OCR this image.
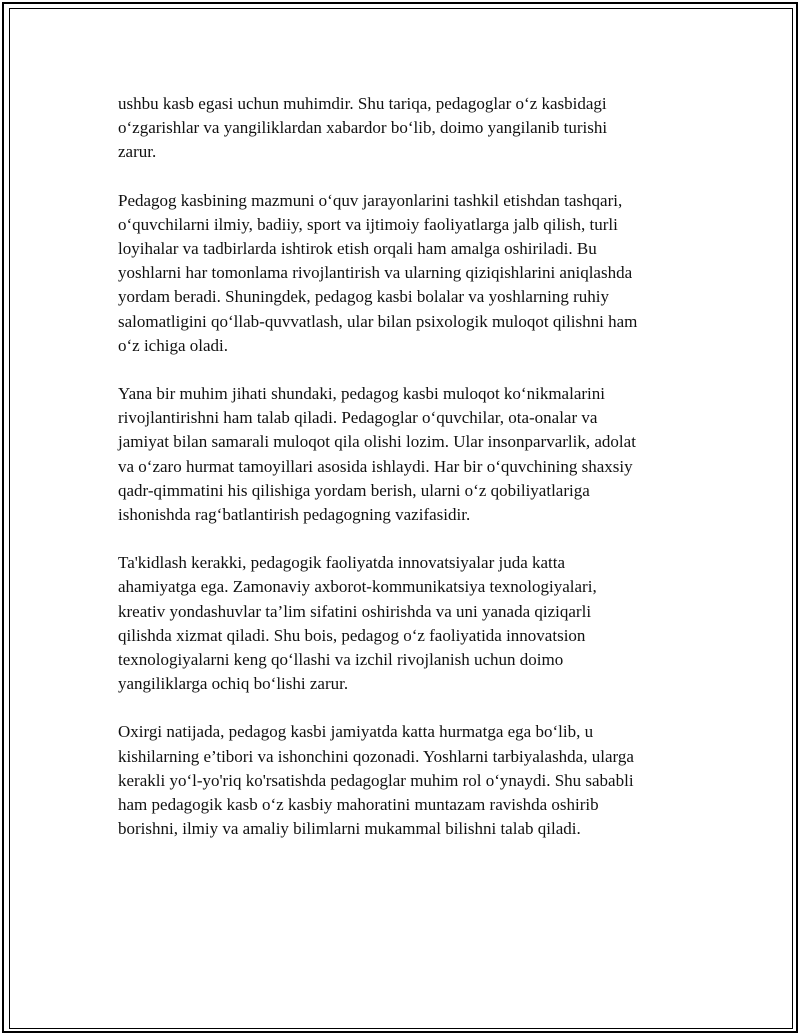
ushbu kasb egasi uchun muhimdir. Shu tariqa, pedagoglar o‘z kasbidagi
o‘zgarishlar va yangiliklardan xabardor bo‘lib, doimo yangilanib turishi
zarur.

Pedagog kasbining mazmuni o‘quv jarayonlarini tashkil etishdan tashqari,
o‘quvchilarni ilmiy, badiiy, sport va ijtimoiy faoliyatlarga jalb qilish, turli
loyihalar va tadbirlarda ishtirok etish orqali ham amalga oshiriladi. Bu
yoshlarni har tomonlama rivojlantirish va ularning qiziqishlarini aniqlashda
yordam beradi. Shuningdek, pedagog kasbi bolalar va yoshlarning ruhiy
salomatligini qo‘llab-quvvatlash, ular bilan psixologik muloqot qilishni ham
o‘z ichiga oladi.

Yana bir muhim jihati shundaki, pedagog kasbi muloqot ko‘nikmalarini
rivojlantirishni ham talab qiladi. Pedagoglar o‘quvchilar, ota-onalar va
jamiyat bilan samarali muloqot qila olishi lozim. Ular insonparvarlik, adolat
va o‘zaro hurmat tamoyillari asosida ishlaydi. Har bir o‘quvchining shaxsiy
qadr-qimmatini his qilishiga yordam berish, ularni o‘z qobiliyatlariga
ishonishda rag‘batlantirish pedagogning vazifasidir.

Ta'kidlash kerakki, pedagogik faoliyatda innovatsiyalar juda katta
ahamiyatga ega. Zamonaviy axborot-kommunikatsiya texnologiyalari,
kreativ yondashuvlar ta’lim sifatini oshirishda va uni yanada qiziqarli
qilishda xizmat qiladi. Shu bois, pedagog o‘z faoliyatida innovatsion
texnologiyalarni keng qo‘llashi va izchil rivojlanish uchun doimo
yangiliklarga ochiq bo‘lishi zarur.

Oxirgi natijada, pedagog kasbi jamiyatda katta hurmatga ega bo‘lib, u
kishilarning e’tibori va ishonchini qozonadi. Yoshlarni tarbiyalashda, ularga
kerakli yo‘l-yo'riq ko'rsatishda pedagoglar muhim rol o‘ynaydi. Shu sababli
ham pedagogik kasb o‘z kasbiy mahoratini muntazam ravishda oshirib
borishni, ilmiy va amaliy bilimlarni mukammal bilishni talab qiladi.
